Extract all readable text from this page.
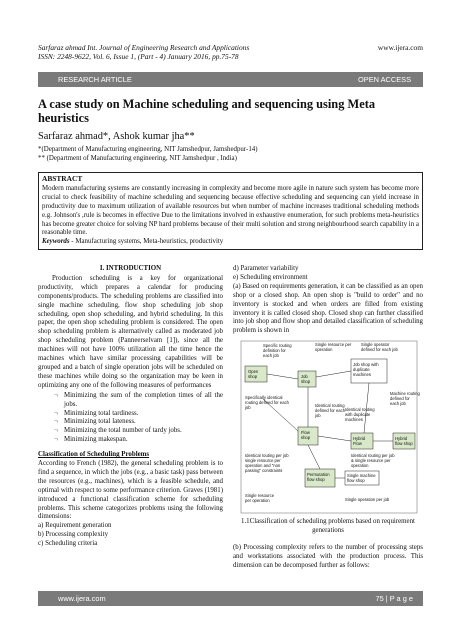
Sarfaraz ahmad Int. Journal of Engineering Research and Applications	www.ijera.com
ISSN: 2248-9622, Vol. 6, Issue 1, (Part - 4) January 2016, pp.75-78
RESEARCH ARTICLE	OPEN ACCESS
A case study on Machine scheduling and sequencing using Meta heuristics
Sarfaraz ahmad*, Ashok kumar jha**
*(Department of Manufacturing engineering, NIT Jamshedpur, Jamshedpur-14)
** (Department of Manufacturing engineering, NIT Jamshedpur , India)
ABSTRACT

Modern manufacturing systems are constantly increasing in complexity and become more agile in nature such system has become more crucial to check feasibility of machine scheduling and sequencing because effective scheduling and sequencing can yield increase in productivity due to maximum utilization of available resources but when number of machine increases traditional scheduling methods e.g. Johnson's ,rule is becomes in effective Due to the limitations involved in exhaustive enumeration, for such problems meta-heuristics has become greater choice for solving NP hard problems because of their multi solution and strong neighbourhood search capability in a reasonable time.

Keywords - Manufacturing systems, Meta-heuristics, productivity

I. INTRODUCTION

Production scheduling is a key for organizational productivity, which prepares a calendar for producing components/products. The scheduling problems are classified into single machine scheduling, flow shop scheduling job shop scheduling, open shop scheduling, and hybrid scheduling. In this paper, the open shop scheduling problem is considered. The open shop scheduling problem is alternatively called as moderated job shop scheduling problem (Panneerselvam [1]), since all the machines will not have 100% utilization all the time hence the machines which have similar processing capabilities will be grouped and a batch of single operation jobs will be scheduled on these machines while doing so the organization may be keen in optimizing any one of the following measures of performances

¬ Minimizing the sum of the completion times of all the jobs.
¬ Minimizing total tardiness.
¬ Minimizing total lateness.
¬ Minimizing the total number of tardy jobs.
¬ Minimizing makespan.
Classification of Scheduling Problems

According to French (1982), the general scheduling problem is to find a sequence, in which the jobs (e.g., a basic task) pass between the resources (e.g., machines), which is a feasible schedule, and optimal with respect to some performance criterion. Graves (1981) introduced a functional classification scheme for scheduling problems. This scheme categorizes problems using the following dimensions:

a) Requirement generation
b) Processing complexity
c) Scheduling criteria
d) Parameter variability
e) Scheduling environment

(a) Based on requirements generation, it can be classified as an open shop or a closed shop. An open shop is "build to order" and no inventory is stocked and when orders are filled from existing inventory it is called closed shop. Closed shop can further classified into job shop and flow shop and detailed classification of scheduling problem is shown in

Specific routing definition for each job
Single resource per operation
Single operator defined for each job
Open shop	Job shop
Job shop with duplicate machines
Specifically identical routing defined for each job	Identical routing defined for each job
Identical routing with duplicate machines
Machine routing defined for each job
Flow shop	Hybrid Flow
Hybrid flow shop
Identical routing per job single resource per operation and "non passing" constraints
Permutation flow shop
Identical routing per job & single resource per operation
Single machine flow shop
Single resource per operation	Single operation per job
1.1Classification of scheduling problems based on requirement generations

(b) Processing complexity refers to the number of processing steps and workstations associated with the production process. This dimension can be decomposed further as follows:

www.ijera.com	75 | P a g e
